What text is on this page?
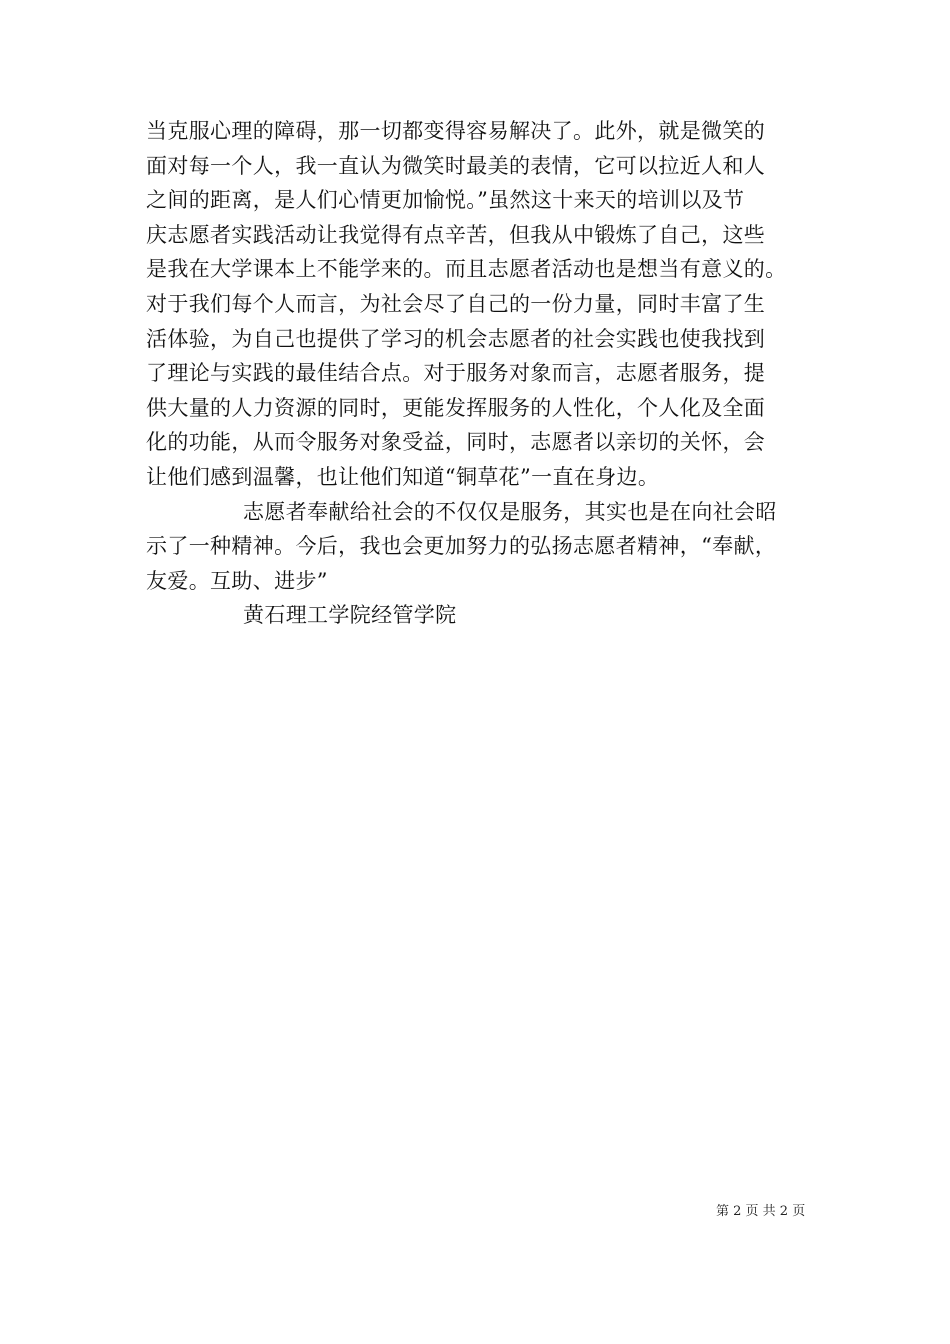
当克服心理的障碍，那一切都变得容易解决了。此外，就是微笑的
面对每一个人，我一直认为微笑时最美的表情，它可以拉近人和人
之间的距离，是人们心情更加愉悦。”虽然这十来天的培训以及节
庆志愿者实践活动让我觉得有点辛苦，但我从中锻炼了自己，这些
是我在大学课本上不能学来的。而且志愿者活动也是想当有意义的。
对于我们每个人而言，为社会尽了自己的一份力量，同时丰富了生
活体验，为自己也提供了学习的机会志愿者的社会实践也使我找到
了理论与实践的最佳结合点。对于服务对象而言，志愿者服务，提
供大量的人力资源的同时，更能发挥服务的人性化，个人化及全面
化的功能，从而令服务对象受益，同时，志愿者以亲切的关怀，会
让他们感到温馨，也让他们知道“铜草花”一直在身边。
志愿者奉献给社会的不仅仅是服务，其实也是在向社会昭
示了一种精神。今后，我也会更加努力的弘扬志愿者精神，“奉献，
友爱。互助、进步”
黄石理工学院经管学院
第 2 页 共 2 页
